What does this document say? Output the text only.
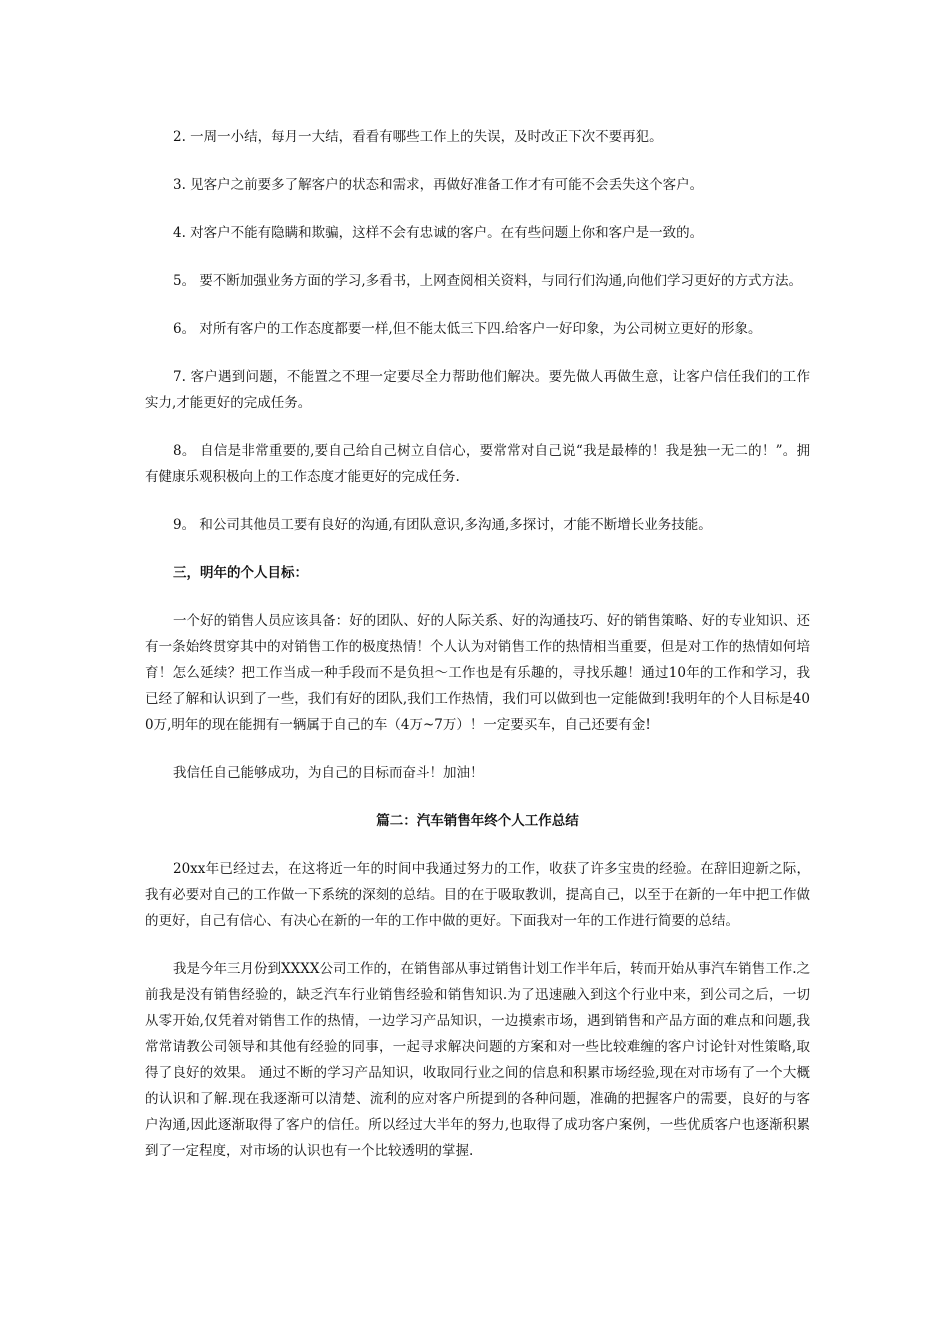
2. 一周一小结，每月一大结，看看有哪些工作上的失误，及时改正下次不要再犯。

3. 见客户之前要多了解客户的状态和需求，再做好准备工作才有可能不会丢失这个客户。

4. 对客户不能有隐瞒和欺骗，这样不会有忠诚的客户。在有些问题上你和客户是一致的。

5。 要不断加强业务方面的学习,多看书，上网查阅相关资料，与同行们沟通,向他们学习更好的方式方法。

6。 对所有客户的工作态度都要一样,但不能太低三下四.给客户一好印象，为公司树立更好的形象。

7. 客户遇到问题，不能置之不理一定要尽全力帮助他们解决。要先做人再做生意，让客户信任我们的工作实力,才能更好的完成任务。

8。 自信是非常重要的,要自己给自己树立自信心，要常常对自己说“我是最棒的！我是独一无二的！”。拥有健康乐观积极向上的工作态度才能更好的完成任务.

9。 和公司其他员工要有良好的沟通,有团队意识,多沟通,多探讨，才能不断增长业务技能。

三，明年的个人目标：

一个好的销售人员应该具备：好的团队、好的人际关系、好的沟通技巧、好的销售策略、好的专业知识、还有一条始终贯穿其中的对销售工作的极度热情！个人认为对销售工作的热情相当重要，但是对工作的热情如何培育！怎么延续？把工作当成一种手段而不是负担～工作也是有乐趣的，寻找乐趣！通过10年的工作和学习，我已经了解和认识到了一些，我们有好的团队,我们工作热情，我们可以做到也一定能做到!我明年的个人目标是400万,明年的现在能拥有一辆属于自己的车（4万~7万）！一定要买车，自己还要有金!

我信任自己能够成功，为自己的目标而奋斗！加油！

篇二：汽车销售年终个人工作总结

20xx年已经过去，在这将近一年的时间中我通过努力的工作，收获了许多宝贵的经验。在辞旧迎新之际，我有必要对自己的工作做一下系统的深刻的总结。目的在于吸取教训，提高自己，以至于在新的一年中把工作做的更好，自己有信心、有决心在新的一年的工作中做的更好。下面我对一年的工作进行简要的总结。

我是今年三月份到XXXX公司工作的，在销售部从事过销售计划工作半年后，转而开始从事汽车销售工作.之前我是没有销售经验的，缺乏汽车行业销售经验和销售知识.为了迅速融入到这个行业中来，到公司之后，一切从零开始,仅凭着对销售工作的热情，一边学习产品知识，一边摸索市场，遇到销售和产品方面的难点和问题,我常常请教公司领导和其他有经验的同事，一起寻求解决问题的方案和对一些比较难缠的客户讨论针对性策略,取得了良好的效果。 通过不断的学习产品知识，收取同行业之间的信息和积累市场经验,现在对市场有了一个大概的认识和了解.现在我逐渐可以清楚、流利的应对客户所提到的各种问题，准确的把握客户的需要，良好的与客户沟通,因此逐渐取得了客户的信任。所以经过大半年的努力,也取得了成功客户案例，一些优质客户也逐渐积累到了一定程度，对市场的认识也有一个比较透明的掌握.
